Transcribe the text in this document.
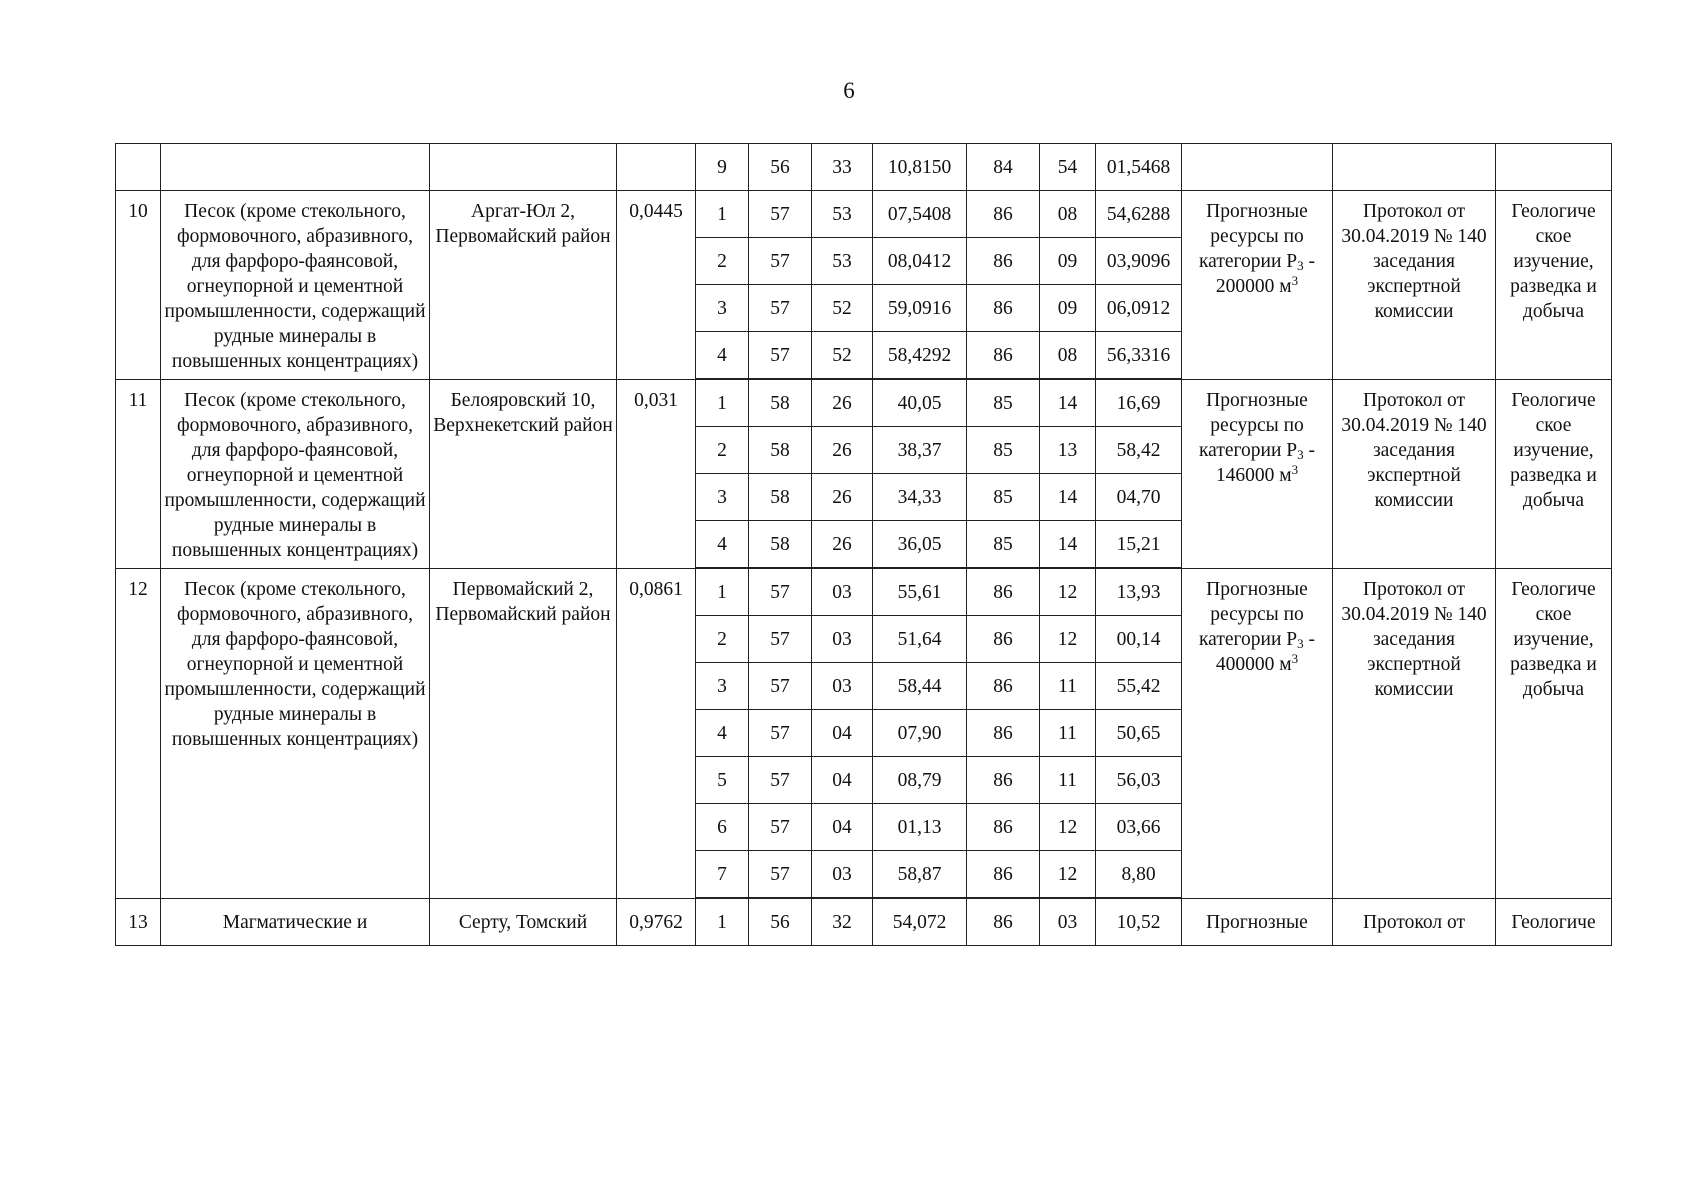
6
				9	56	33	10,8150	84	54	01,5468			
10	Песок (кроме стекольного, формовочного, абразивного, для фарфоро-фаянсовой, огнеупорной и цементной промышленности, содержащий рудные минералы в повышенных концентрациях)	Аргат-Юл 2, Первомайский район	0,0445	1	57	53	07,5408	86	08	54,6288	Прогнозные ресурсы по категории $Р_3 - 200000$ $м^3$	Протокол от 30.04.2019 № 140 заседания экспертной комиссии	Геологиче ское изучение, разведка и добыча
				2	57	53	08,0412	86	09	03,9096			
				3	57	52	59,0916	86	09	06,0912			
				4	57	52	58,4292	86	08	56,3316			

11	Песок (кроме стекольного, формовочного, абразивного, для фарфоро-фаянсовой, огнеупорной и цементной промышленности, содержащий рудные минералы в повышенных концентрациях)	Белояровский 10, Верхнекетский район	0,031	1	58	26	40,05	85	14	16,69	Прогнозные ресурсы по категории $Р_3 - 146000$ $м^3$	Протокол от 30.04.2019 № 140 заседания экспертной комиссии	Геологиче ское изучение, разведка и добыча
				2	58	26	38,37	85	13	58,42			
				3	58	26	34,33	85	14	04,70			
				4	58	26	36,05	85	14	15,21			

12	Песок (кроме стекольного, формовочного, абразивного, для фарфоро-фаянсовой, огнеупорной и цементной промышленности, содержащий рудные минералы в повышенных концентрациях)	Первомайский 2, Первомайский район	0,0861	1	57	03	55,61	86	12	13,93	Прогнозные ресурсы по категории $Р_3 - 400000$ $м^3$	Протокол от 30.04.2019 № 140 заседания экспертной комиссии	Геологиче ское изучение, разведка и добыча
				2	57	03	51,64	86	12	00,14			
				3	57	03	58,44	86	11	55,42			
				4	57	04	07,90	86	11	50,65			
				5	57	04	08,79	86	11	56,03			
				6	57	04	01,13	86	12	03,66			
				7	57	03	58,87	86	12	8,80			

13	Магматические и	Серту, Томский	0,9762	1	56	32	54,072	86	03	10,52	Прогнозные	Протокол от	Геологиче
